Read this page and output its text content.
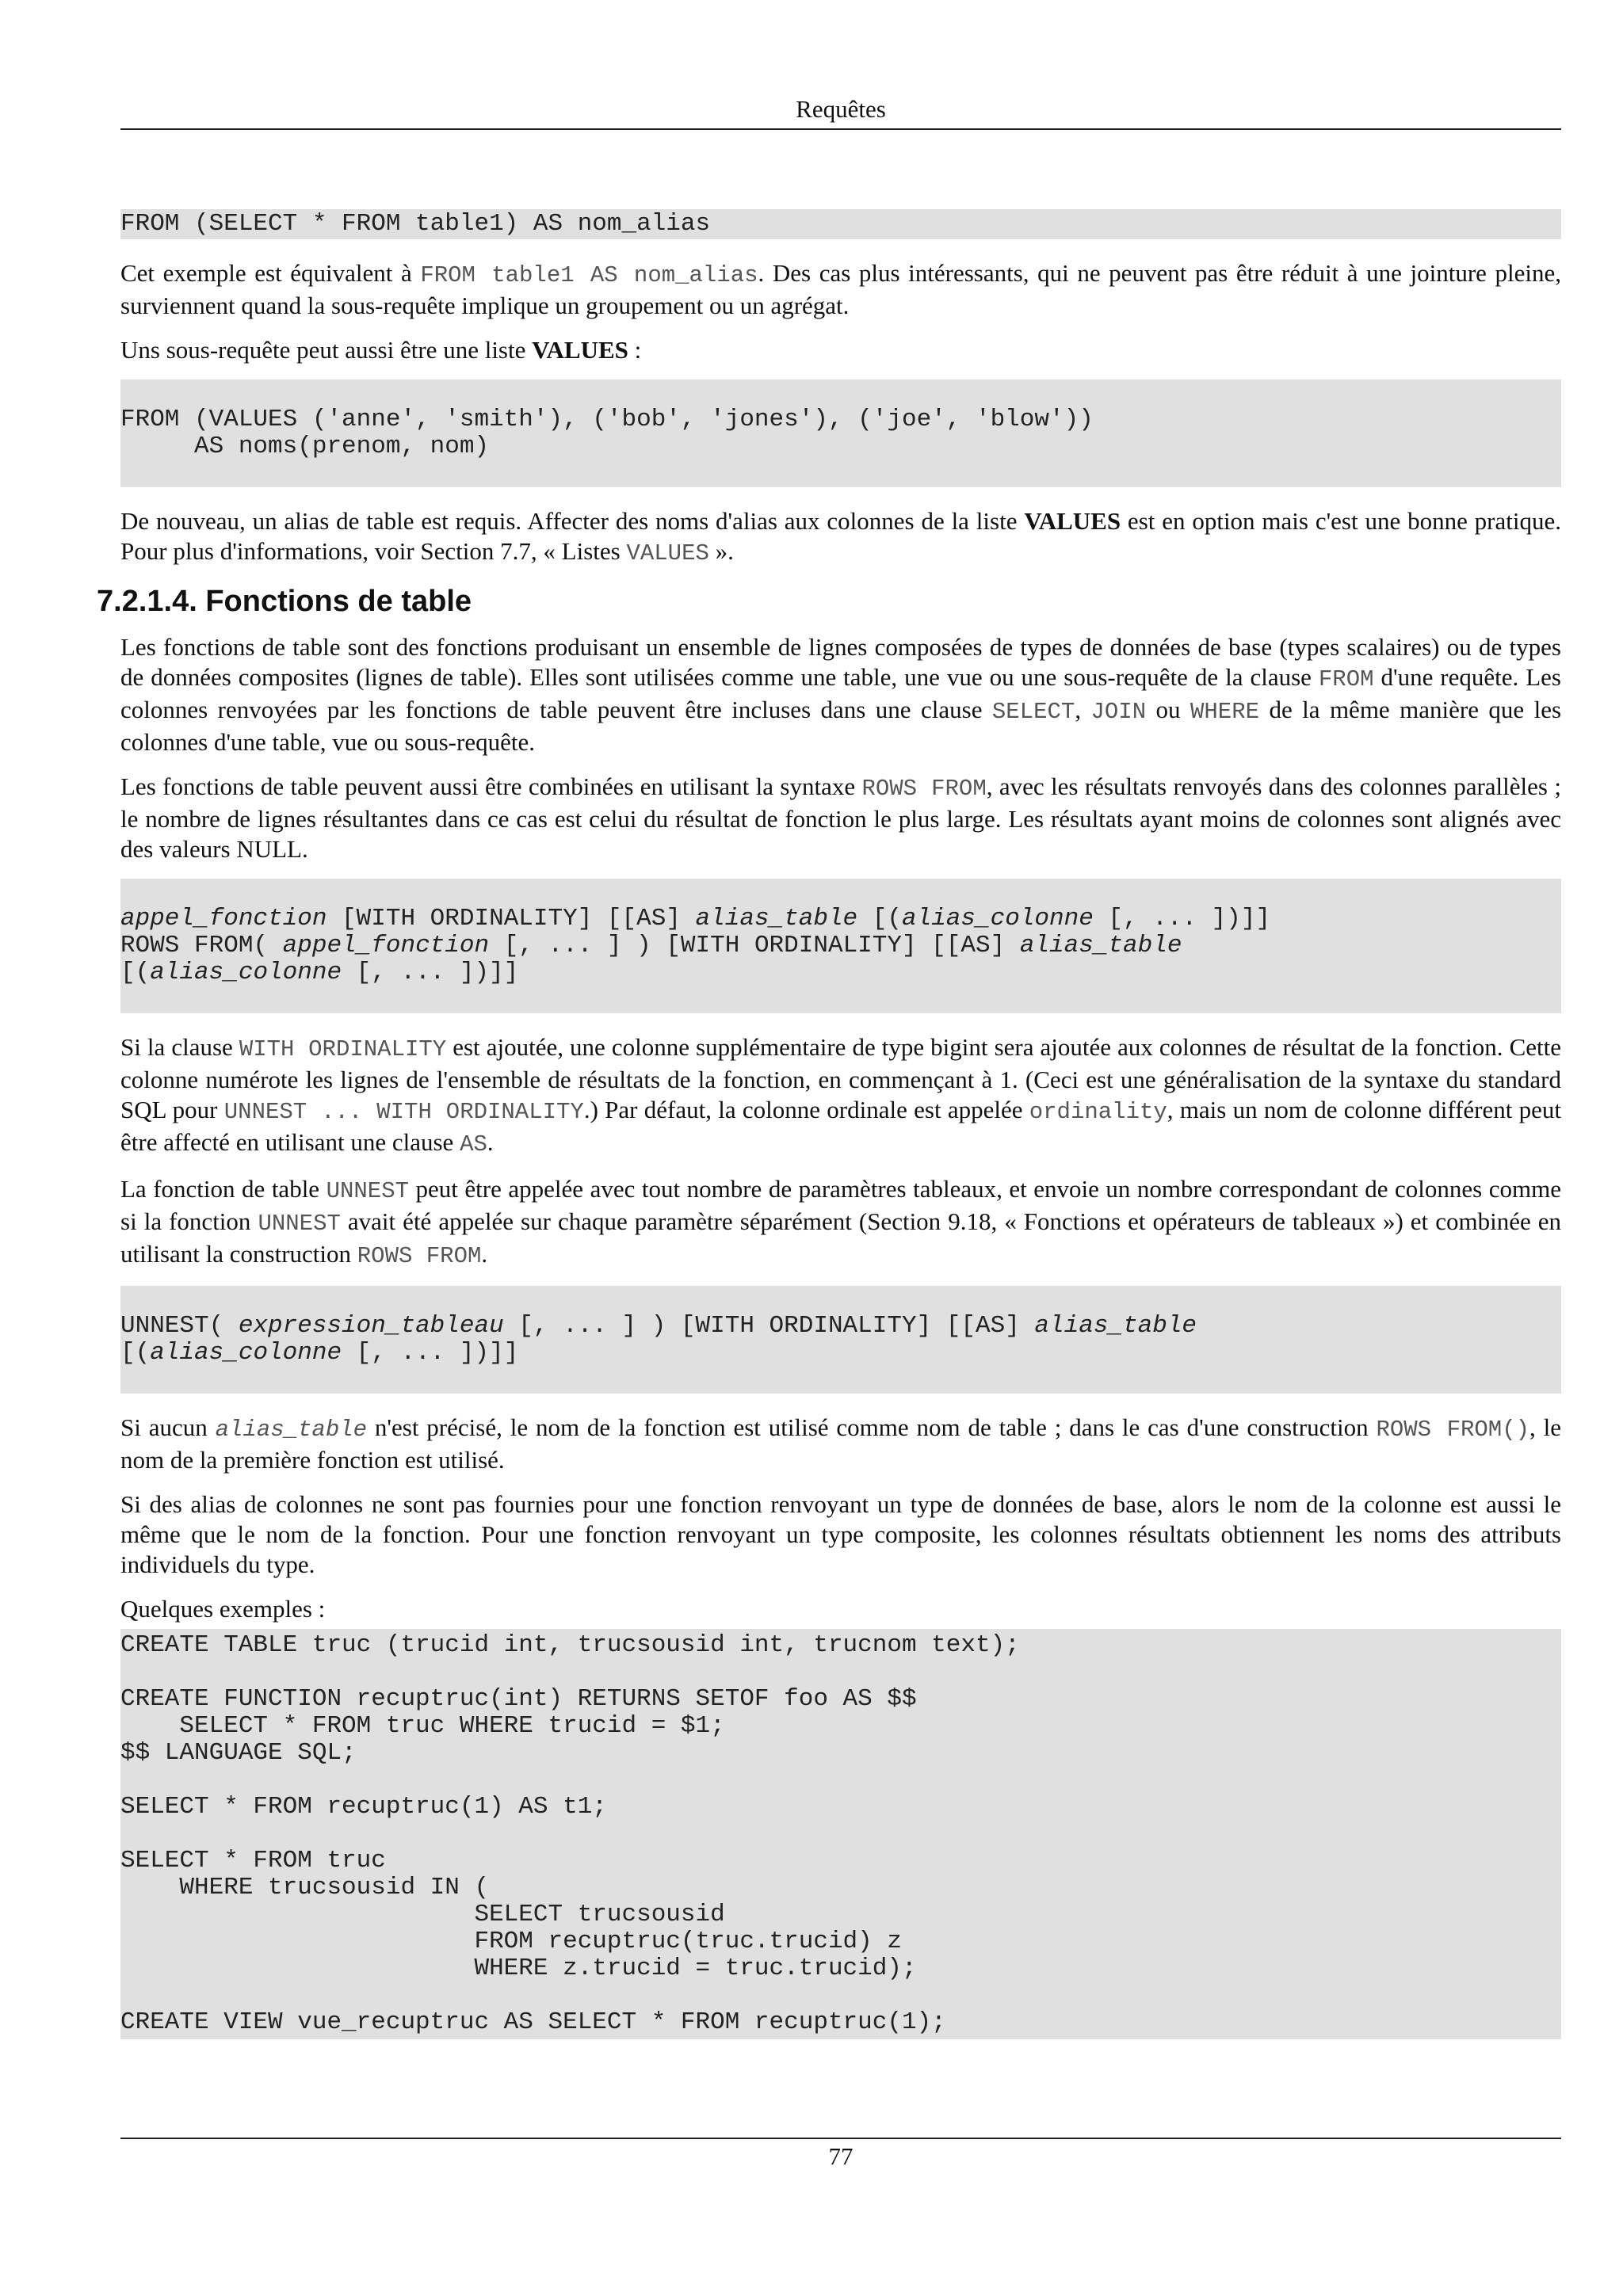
Requêtes
FROM (SELECT * FROM table1) AS nom_alias

Cet exemple est équivalent à FROM table1 AS nom_alias. Des cas plus intéressants, qui ne peuvent pas être réduit à une jointure pleine, surviennent quand la sous-requête implique un groupement ou un agrégat.

Uns sous-requête peut aussi être une liste VALUES :

FROM (VALUES ('anne', 'smith'), ('bob', 'jones'), ('joe', 'blow'))
AS noms(prenom, nom)

De nouveau, un alias de table est requis. Affecter des noms d'alias aux colonnes de la liste VALUES est en option mais c'est une bonne pratique. Pour plus d'informations, voir Section 7.7, « Listes VALUES ».

7.2.1.4. Fonctions de table

Les fonctions de table sont des fonctions produisant un ensemble de lignes composées de types de données de base (types scalaires) ou de types de données composites (lignes de table). Elles sont utilisées comme une table, une vue ou une sous-requête de la clause FROM d'une requête. Les colonnes renvoyées par les fonctions de table peuvent être incluses dans une clause SELECT, JOIN ou WHERE de la même manière que les colonnes d'une table, vue ou sous-requête.

Les fonctions de table peuvent aussi être combinées en utilisant la syntaxe ROWS FROM, avec les résultats renvoyés dans des colonnes parallèles ; le nombre de lignes résultantes dans ce cas est celui du résultat de fonction le plus large. Les résultats ayant moins de colonnes sont alignés avec des valeurs NULL.

appel_fonction [WITH ORDINALITY] [[AS] alias_table [(alias_colonne [, ... ])]]
ROWS FROM( appel_fonction [, ... ] ) [WITH ORDINALITY] [[AS] alias_table
[(alias_colonne [, ... ])]]

Si la clause WITH ORDINALITY est ajoutée, une colonne supplémentaire de type bigint sera ajoutée aux colonnes de résultat de la fonction. Cette colonne numérote les lignes de l'ensemble de résultats de la fonction, en commençant à 1. (Ceci est une généralisation de la syntaxe du standard SQL pour UNNEST ... WITH ORDINALITY.) Par défaut, la colonne ordinale est appelée ordinality, mais un nom de colonne différent peut être affecté en utilisant une clause AS.

La fonction de table UNNEST peut être appelée avec tout nombre de paramètres tableaux, et envoie un nombre correspondant de colonnes comme si la fonction UNNEST avait été appelée sur chaque paramètre séparément (Section 9.18, « Fonctions et opérateurs de tableaux ») et combinée en utilisant la construction ROWS FROM.

UNNEST( expression_tableau [, ... ] ) [WITH ORDINALITY] [[AS] alias_table
[(alias_colonne [, ... ])]]

Si aucun alias_table n'est précisé, le nom de la fonction est utilisé comme nom de table ; dans le cas d'une construction ROWS FROM(), le nom de la première fonction est utilisé.

Si des alias de colonnes ne sont pas fournies pour une fonction renvoyant un type de données de base, alors le nom de la colonne est aussi le même que le nom de la fonction. Pour une fonction renvoyant un type composite, les colonnes résultats obtiennent les noms des attributs individuels du type.

Quelques exemples :

CREATE TABLE truc (trucid int, trucsousid int, trucnom text);

CREATE FUNCTION recuptruc(int) RETURNS SETOF foo AS $$
SELECT * FROM truc WHERE trucid = $1;
$$ LANGUAGE SQL;

SELECT * FROM recuptruc(1) AS t1;

SELECT * FROM truc
WHERE trucsousid IN (
SELECT trucsousid
FROM recuptruc(truc.trucid) z
WHERE z.trucid = truc.trucid);

CREATE VIEW vue_recuptruc AS SELECT * FROM recuptruc(1);
77
